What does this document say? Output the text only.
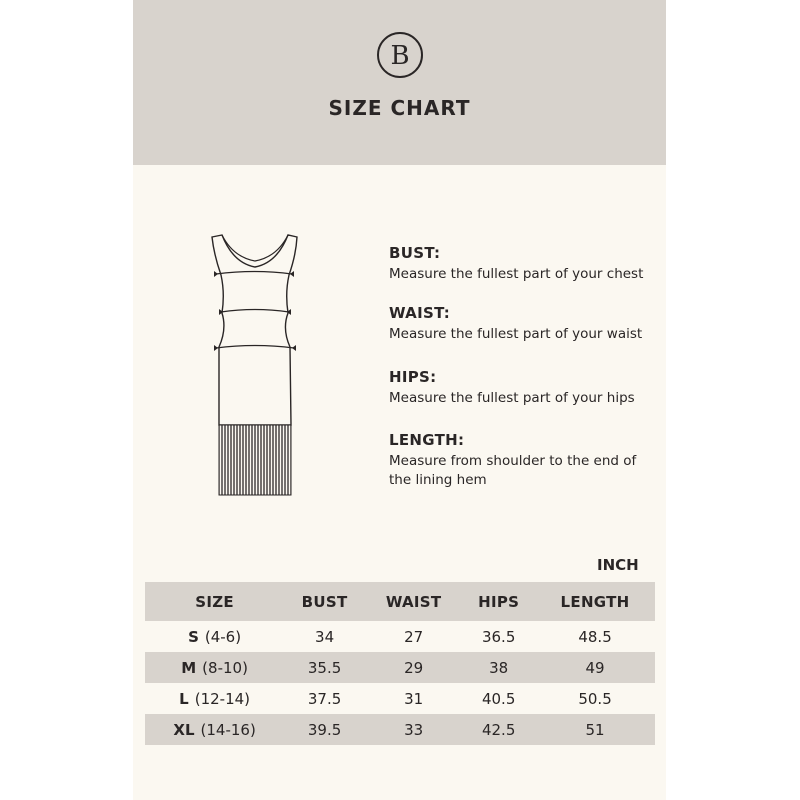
B
SIZE CHART
BUST:
Measure the fullest part of your chest
WAIST:
Measure the fullest part of your waist
HIPS:
Measure the fullest part of your hips
LENGTH:
Measure from shoulder to the end of
the lining hem
INCH
SIZE	BUST	WAIST	HIPS	LENGTH
S (4-6)	34	27	36.5	48.5
M (8-10)	35.5	29	38	49
L (12-14)	37.5	31	40.5	50.5
XL (14-16)	39.5	33	42.5	51
